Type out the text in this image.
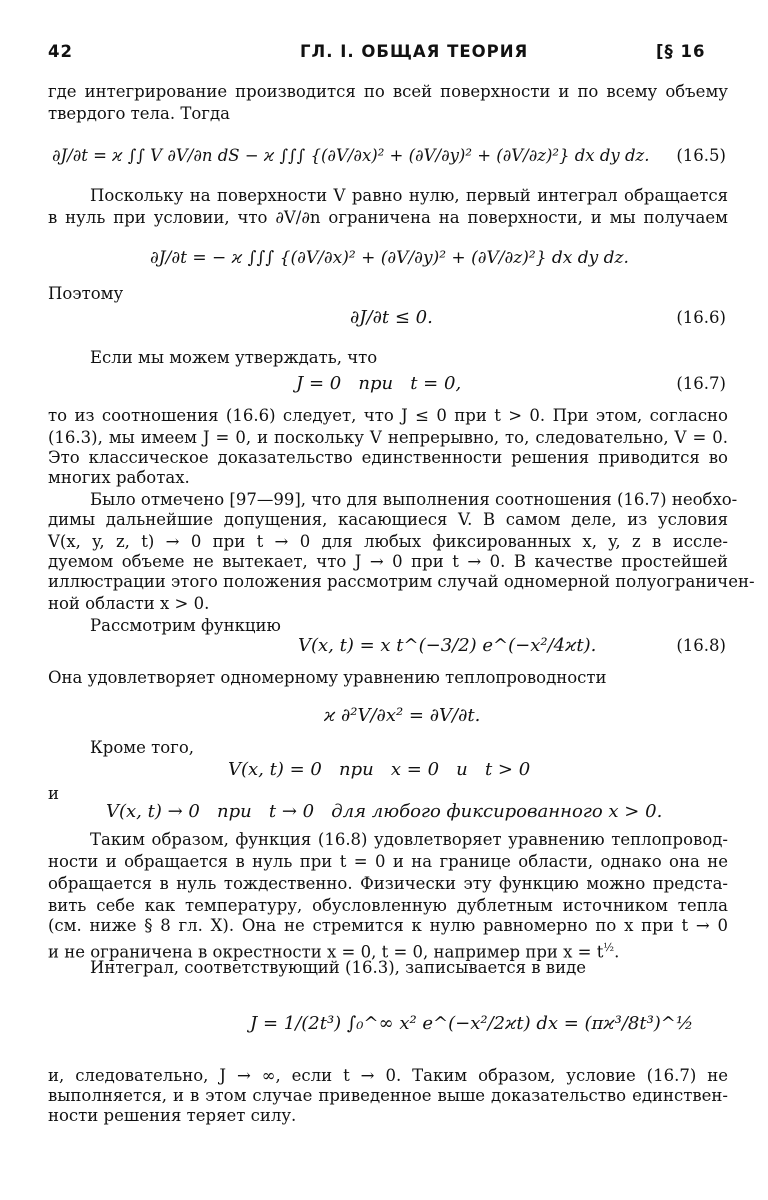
42	ГЛ. I. ОБЩАЯ ТЕОРИЯ	[§ 16
где интегрирование производится по всей поверхности и по всему объему
твердого тела. Тогда
∂J/∂t = ϰ ∫∫ V ∂V/∂n dS − ϰ ∫∫∫ {(∂V/∂x)² + (∂V/∂y)² + (∂V/∂z)²} dx dy dz. (16.5)
Поскольку на поверхности V равно нулю, первый интеграл обращается
в нуль при условии, что ∂V/∂n ограничена на поверхности, и мы получаем
∂J/∂t = − ϰ ∫∫∫ {(∂V/∂x)² + (∂V/∂y)² + (∂V/∂z)²} dx dy dz.
Поэтому
∂J/∂t ≤ 0.	(16.6)
Если мы можем утверждать, что
J = 0   при   t = 0,	(16.7)
то из соотношения (16.6) следует, что J ≤ 0 при t > 0. При этом, согласно
(16.3), мы имеем J = 0, и поскольку V непрерывно, то, следовательно, V = 0.
Это классическое доказательство единственности решения приводится во
многих работах.
Было отмечено [97—99], что для выполнения соотношения (16.7) необхо-
димы дальнейшие допущения, касающиеся V. В самом деле, из условия
V(x, y, z, t) → 0 при t → 0 для любых фиксированных x, y, z в иссле-
дуемом объеме не вытекает, что J → 0 при t → 0. В качестве простейшей
иллюстрации этого положения рассмотрим случай одномерной полуограничен-
ной области x > 0.
Рассмотрим функцию
V(x, t) = x t^(−3/2) e^(−x²/4ϰt).	(16.8)
Она удовлетворяет одномерному уравнению теплопроводности
ϰ ∂²V/∂x² = ∂V/∂t.
Кроме того,
V(x, t) = 0   при   x = 0   и   t > 0
и
V(x, t) → 0   при   t → 0   для любого фиксированного x > 0.
Таким образом, функция (16.8) удовлетворяет уравнению теплопровод-
ности и обращается в нуль при t = 0 и на границе области, однако она не
обращается в нуль тождественно. Физически эту функцию можно предста-
вить себе как температуру, обусловленную дублетным источником тепла
(см. ниже § 8 гл. X). Она не стремится к нулю равномерно по x при t → 0
и не ограничена в окрестности x = 0, t = 0, например при $x = t^{\frac{1}{2}}$.
Интеграл, соответствующий (16.3), записывается в виде
J = 1/(2t³) ∫₀^∞ x² e^(−x²/2ϰt) dx = (πϰ³/8t³)^½
и, следовательно, J → ∞, если t → 0. Таким образом, условие (16.7) не
выполняется, и в этом случае приведенное выше доказательство единствен-
ности решения теряет силу.
